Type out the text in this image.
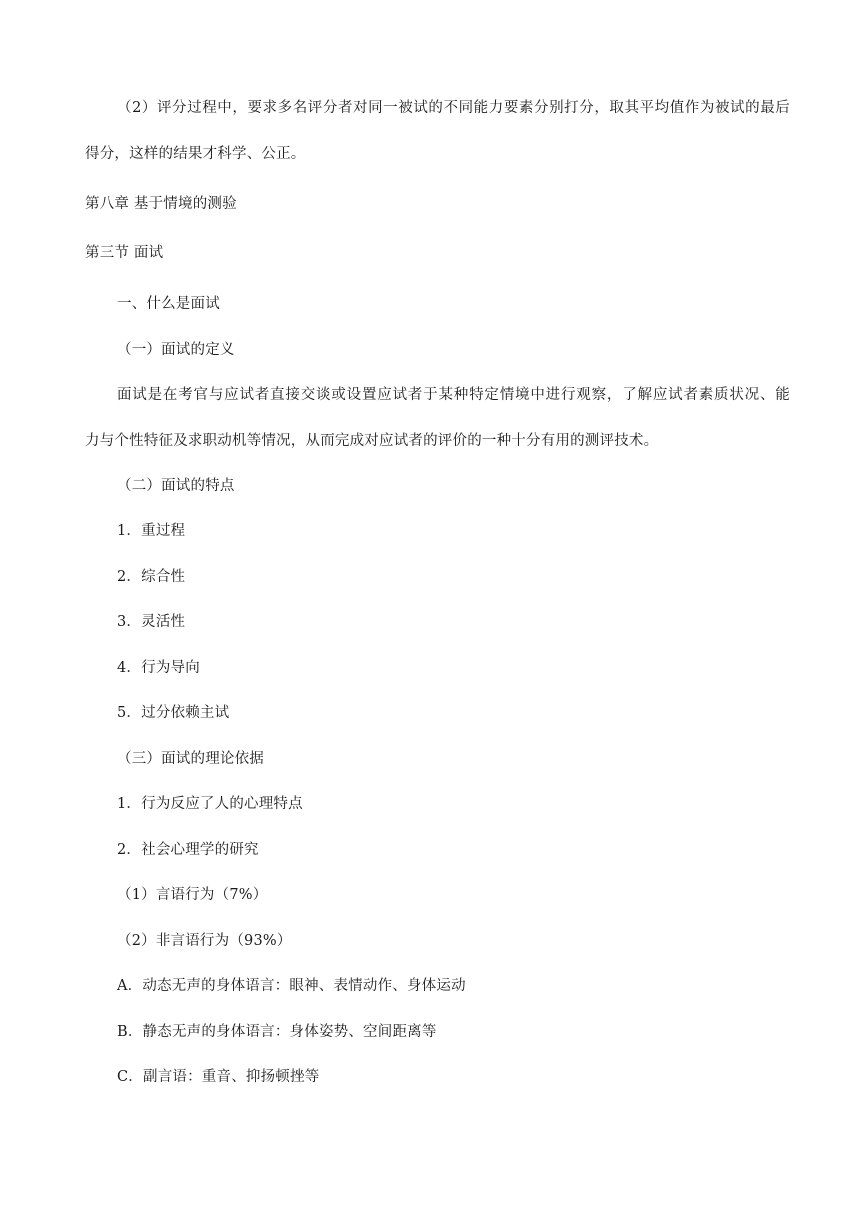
（2）评分过程中，要求多名评分者对同一被试的不同能力要素分别打分，取其平均值作为被试的最后
得分，这样的结果才科学、公正。
第八章 基于情境的测验
第三节 面试
一、什么是面试
（一）面试的定义
面试是在考官与应试者直接交谈或设置应试者于某种特定情境中进行观察，了解应试者素质状况、能
力与个性特征及求职动机等情况，从而完成对应试者的评价的一种十分有用的测评技术。
（二）面试的特点
1．重过程
2．综合性
3．灵活性
4．行为导向
5．过分依赖主试
（三）面试的理论依据
1．行为反应了人的心理特点
2．社会心理学的研究
（1）言语行为（7%）
（2）非言语行为（93%）
A．动态无声的身体语言：眼神、表情动作、身体运动
B．静态无声的身体语言：身体姿势、空间距离等
C．副言语：重音、抑扬顿挫等
